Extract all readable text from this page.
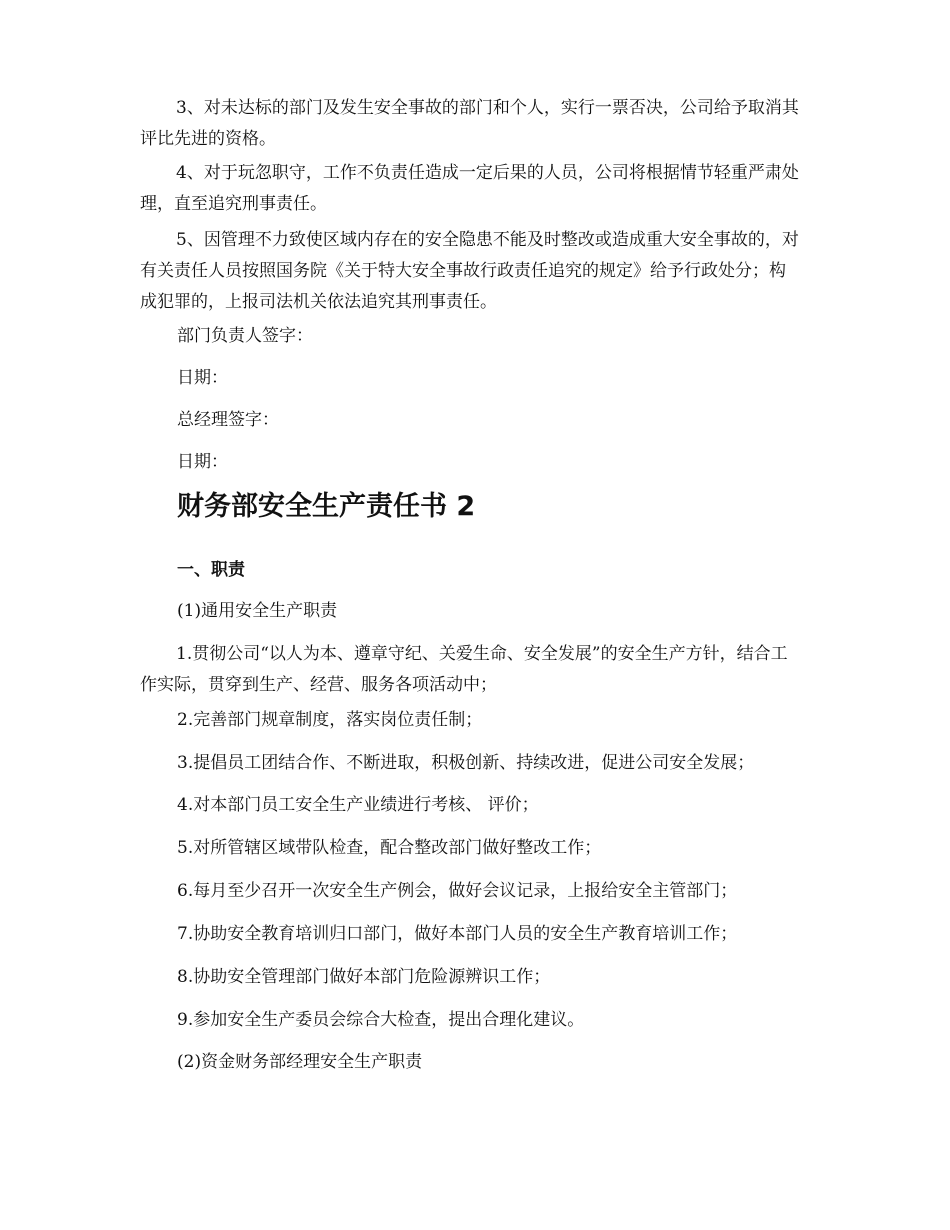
3、对未达标的部门及发生安全事故的部门和个人，实行一票否决，公司给予取消其评比先进的资格。
4、对于玩忽职守，工作不负责任造成一定后果的人员，公司将根据情节轻重严肃处理，直至追究刑事责任。
5、因管理不力致使区域内存在的安全隐患不能及时整改或造成重大安全事故的，对有关责任人员按照国务院《关于特大安全事故行政责任追究的规定》给予行政处分；构成犯罪的，上报司法机关依法追究其刑事责任。
部门负责人签字：
日期：
总经理签字：
日期：
财务部安全生产责任书 2
一、职责
(1)通用安全生产职责
1.贯彻公司“以人为本、遵章守纪、关爱生命、安全发展”的安全生产方针，结合工作实际，贯穿到生产、经营、服务各项活动中；
2.完善部门规章制度，落实岗位责任制；
3.提倡员工团结合作、不断进取，积极创新、持续改进，促进公司安全发展；
4.对本部门员工安全生产业绩进行考核、 评价；
5.对所管辖区域带队检查，配合整改部门做好整改工作；
6.每月至少召开一次安全生产例会，做好会议记录，上报给安全主管部门；
7.协助安全教育培训归口部门，做好本部门人员的安全生产教育培训工作；
8.协助安全管理部门做好本部门危险源辨识工作；
9.参加安全生产委员会综合大检查，提出合理化建议。
(2)资金财务部经理安全生产职责
